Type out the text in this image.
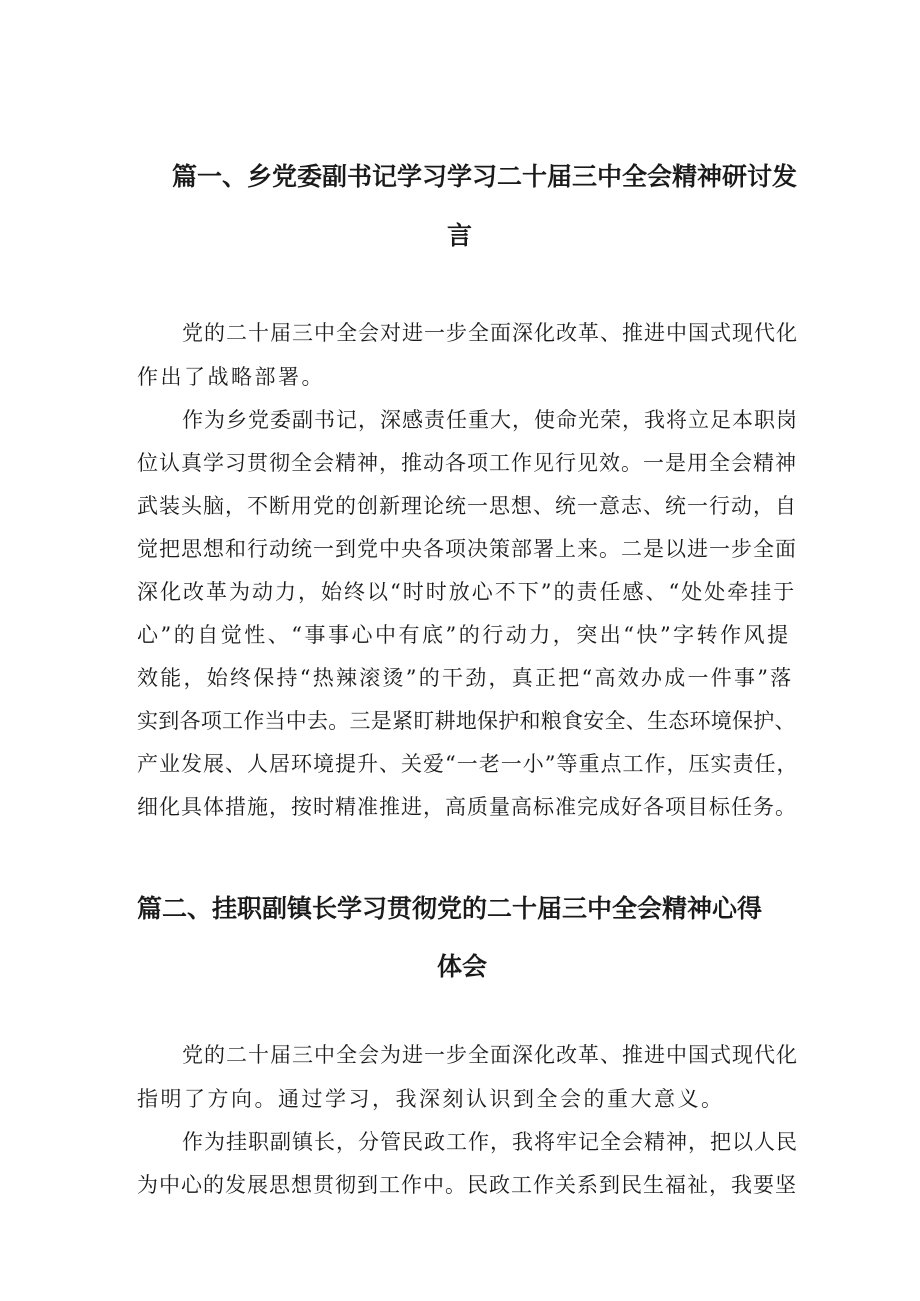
篇一、乡党委副书记学习学习二十届三中全会精神研讨发
言
党的二十届三中全会对进一步全面深化改革、推进中国式现代化
作出了战略部署。
作为乡党委副书记，深感责任重大，使命光荣，我将立足本职岗
位认真学习贯彻全会精神，推动各项工作见行见效。一是用全会精神
武装头脑，不断用党的创新理论统一思想、统一意志、统一行动，自
觉把思想和行动统一到党中央各项决策部署上来。二是以进一步全面
深化改革为动力，始终以“时时放心不下”的责任感、“处处牵挂于
心”的自觉性、“事事心中有底”的行动力，突出“快”字转作风提
效能，始终保持“热辣滚烫”的干劲，真正把“高效办成一件事”落
实到各项工作当中去。三是紧盯耕地保护和粮食安全、生态环境保护、
产业发展、人居环境提升、关爱“一老一小”等重点工作，压实责任，
细化具体措施，按时精准推进，高质量高标准完成好各项目标任务。
篇二、挂职副镇长学习贯彻党的二十届三中全会精神心得
体会
党的二十届三中全会为进一步全面深化改革、推进中国式现代化
指明了方向。通过学习，我深刻认识到全会的重大意义。
作为挂职副镇长，分管民政工作，我将牢记全会精神，把以人民
为中心的发展思想贯彻到工作中。民政工作关系到民生福祉，我要坚
